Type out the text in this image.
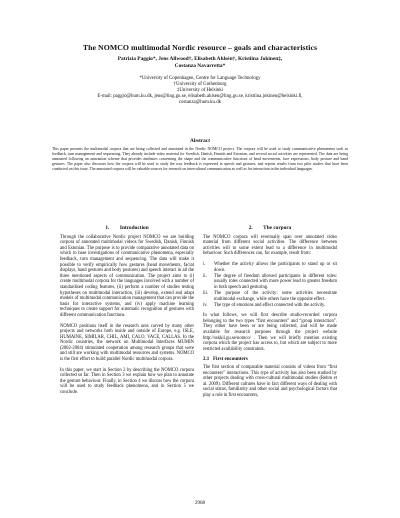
The NOMCO multimodal Nordic resource – goals and characteristics
Patrizia Paggio*, Jens Allwood†, Elisabeth Ahlsén†, Kristiina Jokinen‡,
Costanza Navarretta*
*University of Copenhagen, Centre for Language Technology
†University of Gothenburg
‡University of Helsinki
E-mail: paggio@hum.ku.dk, jens@ling.gu.se, elisabeth.ahlsen@ling.gu.se, kristiina.jokinen@helsinki.fi,
costanza@hum.ku.dk
Abstract
This paper presents the multimodal corpora that are being collected and annotated in the Nordic NOMCO project. The corpora will be used to study communicative phenomena such as feedback, turn management and sequencing. They already include video material for Swedish, Danish, Finnish and Estonian, and several social activities are represented. The data are being annotated following an annotation scheme that provides attributes concerning the shape and the communicative functions of head movements, face expressions, body posture and hand gestures. The paper also discusses how the corpora will be used to study the way feedback is expressed in speech and gestures, and reports results from two pilot studies that have been conducted on this issue. The annotated corpora will be valuable sources for research on intercultural communication as well as for interaction in the individual languages.
1.        Introduction

Through the collaborative Nordic project NOMCO we are building corpora of annotated multimodal videos for Swedish, Danish, Finnish and Estonian. The purpose is to provide comparative annotated data on which to base investigations of communicative phenomena, especially feedback, turn management and sequencing. The data will make it possible to verify empirically how gestures (head movements, facial displays, hand gestures and body postures) and speech interact in all the three mentioned aspects of communication. The project aims to (i) create multimodal corpora for the languages involved with a number of standardised coding features, (ii) perform a number of studies testing hypotheses on multimodal interaction, (iii) develop, extend and adapt models of multimodal communication management that can provide the basis for interactive systems, and (iv) apply machine learning techniques to create support for automatic recognition of gestures with different communication functions.

NOMCO positions itself in the research area carved by many other projects and networks both inside and outside of Europe, e.g. ISLE, HUMAINE, SIMILAR, CHIL, AMI, CALO, VACE, CALLAS. In the Nordic countries, the network on Multimodal Interfaces MUMIN (2002-2004) stimulated cooperation among research groups that were and still are working with multimodal resources and systems. NOMCO is the first effort to build parallel Nordic multimodal corpora.

In this paper, we start in Section 2 by describing the NOMCO corpora collected so far. Then in Section 3 we explain how we plan to annotate the gesture behaviour. Finally, in Section 4 we discuss how the corpora will be used to study feedback phenomena, and in Section 5 we conclude.

2.        The corpora

The NOMCO corpora will eventually span over annotated video material from different social activities. The difference between activities will to some extent lead to a difference in multimodal behaviour. Such differences can, for example, result from:

i.	Whether the activity allows the participants to stand up or sit down.
ii.	The degree of freedom allowed participants in different roles: usually roles connected with more power lead to greater freedom in both speech and gesturing.
iii.	The purpose of the activity: some activities necessitate multimodal exchange, while others have the opposite effect.
iv.	The type of emotions and effect connected with the activity.

In what follows, we will first describe studio-recorded corpora belonging to the two types “first encounters” and “group interaction”. They either have been or are being collected, and will be made available for research purposes through the project website http://sskkii.gu.se/nomco/ . Then we will briefly mention existing corpora which the project has access to, but which are subject to more restricted availability constraints.

2.1   First encounters

The first section of comparable material consists of videos from “first encounters” interactions. This type of activity has also been studied by other projects dealing with cross-cultural multimodal studies (Rehm et al. 2009). Different cultures have in fact different ways of dealing with social status, familiarity and other social and psychological factors that play a role in first encounters,

2968
